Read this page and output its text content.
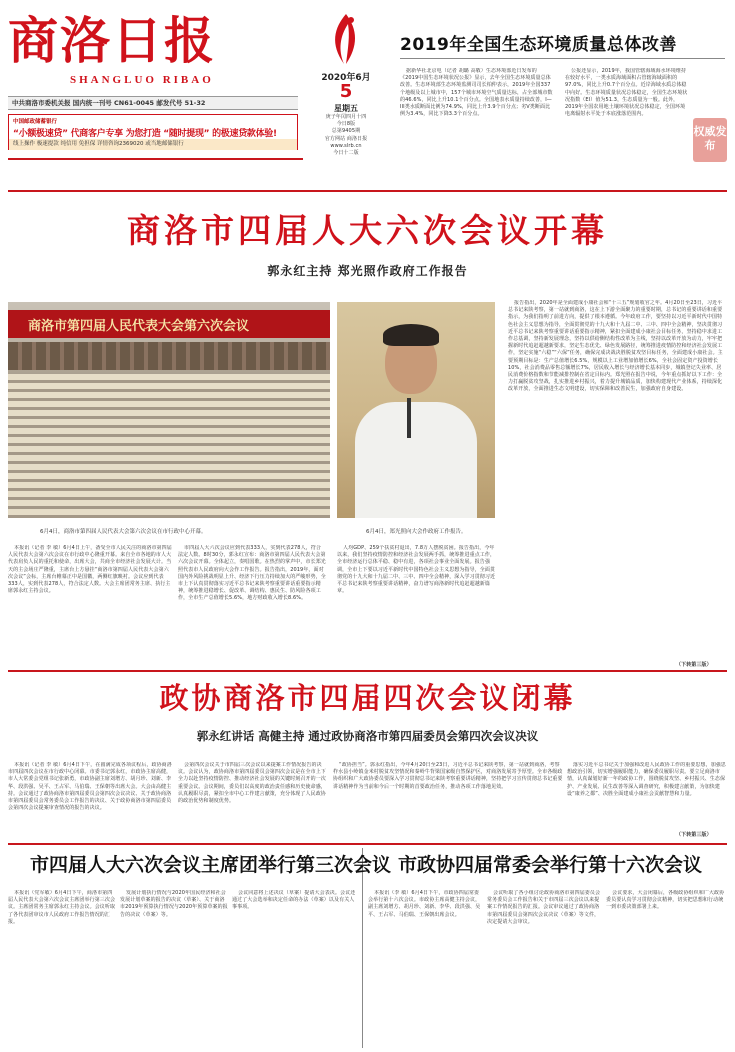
商洛日报
SHANGLUO RIBAO	2020年6月
5
星期五
庚子年闰四月十四
今日8版
总第9405期
官方网站 商洛日报
www.slrb.cn
今日十二版
中共商洛市委机关报 国内统一刊号 CN61-0045 邮发代号 51-32
中国邮政储蓄银行
“小额极速贷” 代商客户专享 为您打造 “随时提现” 的极速贷款体验!
线上操作 极速提款 纯信用 免担保 详情咨询2369020 或当地邮储银行
2019年全国生态环境质量总体改善

据新华社北京电（记者 胡璐 高敬）生态环境部近日发布的《2019中国生态环境状况公报》显示，去年全国生态环境质量总体改善。生态环境部生态环境监测司司长柏仲表示，2019年全国337个地级及以上城市中，157个城市环境空气质量达标，占全部城市数的46.6%，同比上升10.1个百分点。全国地表水质量持续改善，I—III类水质断面比例为74.9%，同比上升3.9个百分点；劣V类断面比例为3.4%，同比下降3.3个百分点。

公报还显示，2019年，我国管辖海域海水环境维持在较好水平，一类水质海域面积占管辖海域面积的97.0%，同比上升0.7个百分点。近岸海域水质总体稳中向好。生态环境质量状况总体稳定，全国生态环境状况指数（EI）值为51.3，生态质量为一般。此外，2019年全国农用地土壤环境状况总体稳定，全国环境电离辐射水平处于本底涨落范围内。

权威发布
商洛市四届人大六次会议开幕
郭永红主持 郑光照作政府工作报告
商洛市第四届人民代表大会第六次会议
6月4日，商洛市第四届人民代表大会第六次会议在市行政中心开幕。	6月4日，郑光照向大会作政府工作报告。

报告指出，2020年是全面建成小康社会和“十三五”规划收官之年。4月20日至23日，习近平总书记来陕考察，第一站就到商洛，这在上下游全面聚力的重要时期，总书记的重要讲话和重要指示，为我们指明了前进方向，提供了根本遵循。今年政府工作，要坚持以习近平新时代中国特色社会主义思想为指导，全面贯彻党的十九大和十九届二中、三中、四中全会精神，坚决贯彻习近平总书记来陕考察重要讲话重要指示精神，紧扣全面建成小康社会目标任务，坚持稳中求进工作总基调，坚持新发展理念，坚持以供给侧结构性改革为主线，坚持以改革开放为动力，牢牢把握新时代追赶超越新要求，坚定生态优先、绿色发展路径，统筹推进疫情防控和经济社会发展工作，坚定实施“六稳”“六保”任务，确保完成决战决胜脱贫攻坚目标任务，全面建成小康社会。主要预期目标是：生产总值增长6.5%，规模以上工业增加值增长6%，全社会固定资产投资增长10%，社会消费品零售总额增长7%，居民收入增长与经济增长基本同步，城镇登记失业率、居民消费价格指数和节能减排控制在省定目标内。郑光照在报告中说，今年重点抓好以下工作：全力打赢脱贫攻坚战，扎实推进乡村振兴，着力提升城镇品质，加快构建现代产业体系，持续深化改革开放，全面推进生态文明建设，切实保障和改善民生，加强政府自身建设。

（下转第三版）

本报讯（记者 李 敏）6月4日上午，备受全市人民关注的商洛市第四届人民代表大会第六次会议在市行政中心隆重开幕。来自全市各地的市人大代表肩负人民的重托和使命，出席大会，共商全市经济社会发展大计。当天的主会场庄严隆重，主席台上方悬挂“商洛市第四届人民代表大会第六次会议”会标，主席台帷幕正中是国徽，两侧红旗映衬。会议应到代表333人，实到代表278人，符合法定人数。大会主席团常务主席、执行主席郭永红主持会议。

市四届人大六次会议应到代表333人，实到代表278人，符合法定人数。8时30分，郭永红宣布：商洛市第四届人民代表大会第六次会议开幕。全体起立，奏唱国歌。在热烈的掌声中，市长郑光照代表市人民政府向大会作工作报告。报告指出，2019年，面对国内外风险挑战明显上升、经济下行压力持续加大的严峻形势，全市上下认真贯彻落实习近平总书记来陕考察重要讲话重要指示精神，统筹推进稳增长、促改革、调结构、惠民生、防风险各项工作，全市生产总值增长5.6%，地方财政收入增长8.6%。

人均GDP、259个扶贫村退出，7.8万人摆脱贫困。报告指出，今年以来，我们坚持疫情防控和经济社会发展两手抓，统筹推进重点工作，全市经济运行总体平稳、稳中有进，各项社会事业全面发展。报告强调，全市上下要以习近平新时代中国特色社会主义思想为指导，全面贯彻党的十九大和十九届二中、三中、四中全会精神，深入学习贯彻习近平总书记来陕考察重要讲话精神，奋力谱写商洛新时代追赶超越新篇章。

政协商洛市四届四次会议闭幕
郭永红讲话 高健主持 通过政协商洛市第四届委员会第四次会议决议

本报讯（记者 李 敏）6月4日下午，在圆满完成各项议程后，政协商洛市四届四次会议在市行政中心闭幕。市委书记郭永红，市政协主席高健，市人大常委会党组书记张新勇，市政协副主席刘增方、胡月珍、刘新、李华、段洪强、吴平、王占军、马伯瑞、王保朝等出席大会。大会由高健主持。会议通过了政协商洛市第四届委员会第四次会议决议、关于政协商洛市第四届委员会常务委员会工作报告的决议、关于政协商洛市第四届委员会第四次会议提案审查情况的报告的决议。

会第四次会议关于市四届三次会议以来提案工作情况报告的决议。会议认为，政协商洛市第四届委员会第四次会议是在全市上下全力以赴坚持疫情防控、推动经济社会发展的关键时刻召开的一次重要会议。会议期间，委员们以高度的政治责任感和历史使命感，认真履职尽责，紧扣全市中心工作建言献策，充分体现了人民政协的政治优势和制度优势。

“政协担当”。郭永红指出，今年4月20日至23日，习近平总书记来陕考察，第一站就到商洛，考察柞水县小岭镇金米村脱贫攻坚情况和秦岭牛背梁国家级自然保护区，对商洛发展寄予厚望。全市各级政协组织和广大政协委员要深入学习贯彻总书记来陕考察重要讲话精神，坚持把学习宣传贯彻总书记重要讲话精神作为当前和今后一个时期的首要政治任务，推动各项工作落地见效。

落实习近平总书记关于加强和改进人民政协工作的重要思想，加强思想政治引领，切实增强履职能力，确保委员履职尽责。要立足商洛市情，认真谋划好新一年的政协工作，围绕脱贫攻坚、乡村振兴、生态保护、产业发展、民生改善等深入调查研究，积极建言献策，为加快建设“康养之都”、决胜全面建成小康社会贡献智慧和力量。

（下转第三版）
市四届人大六次会议主席团举行第三次会议

本报讯（党军敏）6月4日下午，商洛市第四届人民代表大会第六次会议主席团举行第三次会议。主席团常务主席郭永红主持会议。会议听取了各代表团审议市人民政府工作报告情况的汇报。

发展计划执行情况与2020年国民经济和社会发展计划草案的报告的决议（草案）、关于商洛市2019年预算执行情况与2020年预算草案的报告的决议（草案）等。

会议同意将上述决议（草案）提请大会表决。会议还通过了大会选举和决定任命的办法（草案）以及有关人事事项。

市政协四届常委会举行第十六次会议

本报讯（李 敏）6月4日下午，市政协四届常委会举行第十六次会议。市政协主席高健主持会议，副主席刘增方、胡月珍、刘新、李华、段洪强、吴平、王占军、马伯瑞、王保朝出席会议。

会议听取了各小组讨论政协商洛市第四届委员会常务委员会工作报告和关于市四届三次会议以来提案工作情况报告的汇报。会议审议通过了政协商洛市第四届委员会第四次会议决议（草案）等文件，决定提请大会审议。

会议要求，大会闭幕后，各级政协组织和广大政协委员要认真学习贯彻会议精神，切实把思想和行动统一到市委决策部署上来。
